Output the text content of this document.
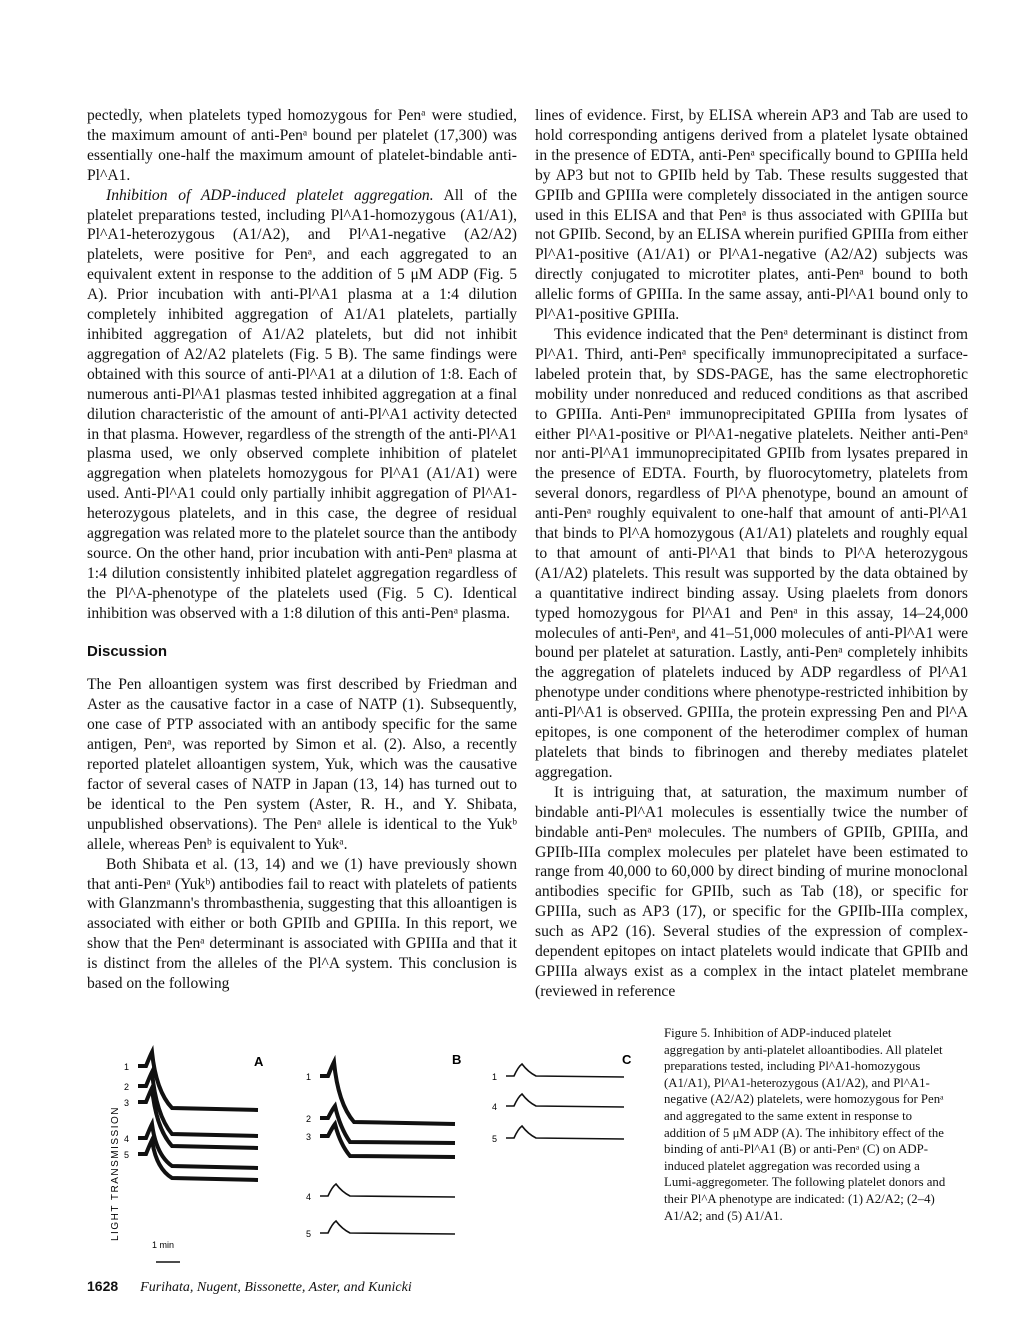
pectedly, when platelets typed homozygous for Penᵃ were studied, the maximum amount of anti-Penᵃ bound per platelet (17,300) was essentially one-half the maximum amount of platelet-bindable anti-Pl^A1.

Inhibition of ADP-induced platelet aggregation. All of the platelet preparations tested, including Pl^A1-homozygous (A1/A1), Pl^A1-heterozygous (A1/A2), and Pl^A1-negative (A2/A2) platelets, were positive for Penᵃ, and each aggregated to an equivalent extent in response to the addition of 5 μM ADP (Fig. 5 A). Prior incubation with anti-Pl^A1 plasma at a 1:4 dilution completely inhibited aggregation of A1/A1 platelets, partially inhibited aggregation of A1/A2 platelets, but did not inhibit aggregation of A2/A2 platelets (Fig. 5 B). The same findings were obtained with this source of anti-Pl^A1 at a dilution of 1:8. Each of numerous anti-Pl^A1 plasmas tested inhibited aggregation at a final dilution characteristic of the amount of anti-Pl^A1 activity detected in that plasma. However, regardless of the strength of the anti-Pl^A1 plasma used, we only observed complete inhibition of platelet aggregation when platelets homozygous for Pl^A1 (A1/A1) were used. Anti-Pl^A1 could only partially inhibit aggregation of Pl^A1-heterozygous platelets, and in this case, the degree of residual aggregation was related more to the platelet source than the antibody source. On the other hand, prior incubation with anti-Penᵃ plasma at 1:4 dilution consistently inhibited platelet aggregation regardless of the Pl^A-phenotype of the platelets used (Fig. 5 C). Identical inhibition was observed with a 1:8 dilution of this anti-Penᵃ plasma.

Discussion

The Pen alloantigen system was first described by Friedman and Aster as the causative factor in a case of NATP (1). Subsequently, one case of PTP associated with an antibody specific for the same antigen, Penᵃ, was reported by Simon et al. (2). Also, a recently reported platelet alloantigen system, Yuk, which was the causative factor of several cases of NATP in Japan (13, 14) has turned out to be identical to the Pen system (Aster, R. H., and Y. Shibata, unpublished observations). The Penᵃ allele is identical to the Yukᵇ allele, whereas Penᵇ is equivalent to Yukᵃ.

Both Shibata et al. (13, 14) and we (1) have previously shown that anti-Penᵃ (Yukᵇ) antibodies fail to react with platelets of patients with Glanzmann's thrombasthenia, suggesting that this alloantigen is associated with either or both GPIIb and GPIIIa. In this report, we show that the Penᵃ determinant is associated with GPIIIa and that it is distinct from the alleles of the Pl^A system. This conclusion is based on the following

lines of evidence. First, by ELISA wherein AP3 and Tab are used to hold corresponding antigens derived from a platelet lysate obtained in the presence of EDTA, anti-Penᵃ specifically bound to GPIIIa held by AP3 but not to GPIIb held by Tab. These results suggested that GPIIb and GPIIIa were completely dissociated in the antigen source used in this ELISA and that Penᵃ is thus associated with GPIIIa but not GPIIb. Second, by an ELISA wherein purified GPIIIa from either Pl^A1-positive (A1/A1) or Pl^A1-negative (A2/A2) subjects was directly conjugated to microtiter plates, anti-Penᵃ bound to both allelic forms of GPIIIa. In the same assay, anti-Pl^A1 bound only to Pl^A1-positive GPIIIa.

This evidence indicated that the Penᵃ determinant is distinct from Pl^A1. Third, anti-Penᵃ specifically immunoprecipitated a surface-labeled protein that, by SDS-PAGE, has the same electrophoretic mobility under nonreduced and reduced conditions as that ascribed to GPIIIa. Anti-Penᵃ immunoprecipitated GPIIIa from lysates of either Pl^A1-positive or Pl^A1-negative platelets. Neither anti-Penᵃ nor anti-Pl^A1 immunoprecipitated GPIIb from lysates prepared in the presence of EDTA. Fourth, by fluorocytometry, platelets from several donors, regardless of Pl^A phenotype, bound an amount of anti-Penᵃ roughly equivalent to one-half that amount of anti-Pl^A1 that binds to Pl^A homozygous (A1/A1) platelets and roughly equal to that amount of anti-Pl^A1 that binds to Pl^A heterozygous (A1/A2) platelets. This result was supported by the data obtained by a quantitative indirect binding assay. Using plaelets from donors typed homozygous for Pl^A1 and Penᵃ in this assay, 14–24,000 molecules of anti-Penᵃ, and 41–51,000 molecules of anti-Pl^A1 were bound per platelet at saturation. Lastly, anti-Penᵃ completely inhibits the aggregation of platelets induced by ADP regardless of Pl^A1 phenotype under conditions where phenotype-restricted inhibition by anti-Pl^A1 is observed. GPIIIa, the protein expressing Pen and Pl^A epitopes, is one component of the heterodimer complex of human platelets that binds to fibrinogen and thereby mediates platelet aggregation.

It is intriguing that, at saturation, the maximum number of bindable anti-Pl^A1 molecules is essentially twice the number of bindable anti-Penᵃ molecules. The numbers of GPIIb, GPIIIa, and GPIIb-IIIa complex molecules per platelet have been estimated to range from 40,000 to 60,000 by direct binding of murine monoclonal antibodies specific for GPIIb, such as Tab (18), or specific for GPIIIa, such as AP3 (17), or specific for the GPIIb-IIIa complex, such as AP2 (16). Several studies of the expression of complex-dependent epitopes on intact platelets would indicate that GPIIb and GPIIIa always exist as a complex in the intact platelet membrane (reviewed in reference

LIGHT TRANSMISSION
A	B	C
1
2
3
4
5
1
2
3
4
5
1
4
5
1 min
Figure 5. Inhibition of ADP-induced platelet aggregation by anti-platelet alloantibodies. All platelet preparations tested, including Pl^A1-homozygous (A1/A1), Pl^A1-heterozygous (A1/A2), and Pl^A1-negative (A2/A2) platelets, were homozygous for Penᵃ and aggregated to the same extent in response to addition of 5 μM ADP (A). The inhibitory effect of the binding of anti-Pl^A1 (B) or anti-Penᵃ (C) on ADP-induced platelet aggregation was recorded using a Lumi-aggregometer. The following platelet donors and their Pl^A phenotype are indicated: (1) A2/A2; (2–4) A1/A2; and (5) A1/A1.
1628 Furihata, Nugent, Bissonette, Aster, and Kunicki
